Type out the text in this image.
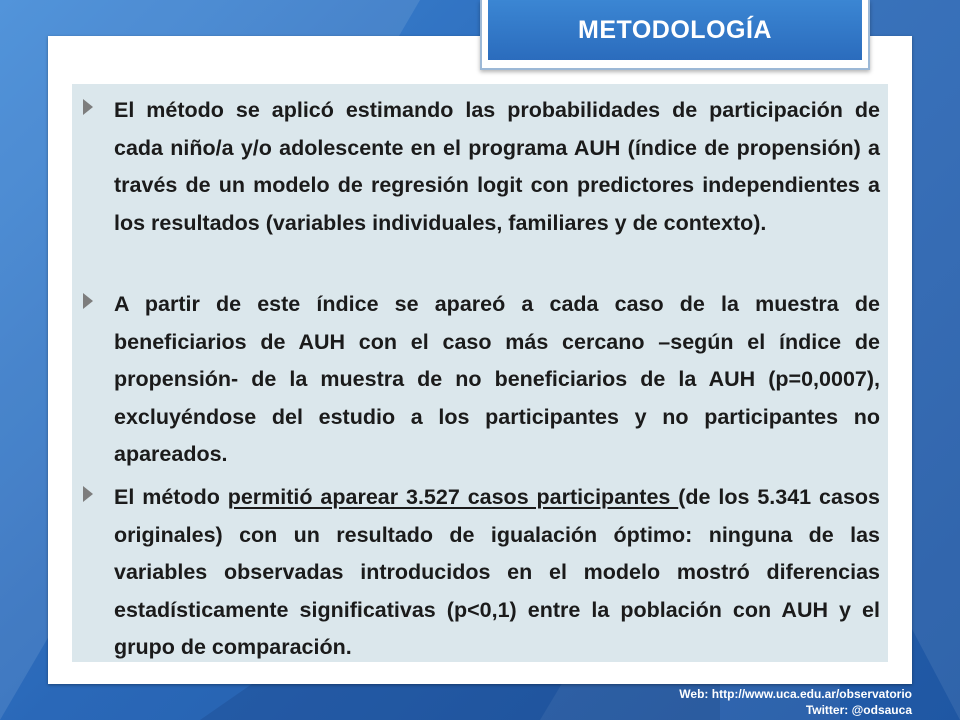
METODOLOGÍA
El método se aplicó estimando las probabilidades de participación de cada niño/a y/o adolescente en el programa AUH (índice de propensión) a través de un modelo de regresión logit con predictores independientes a los resultados (variables individuales, familiares y de contexto).
A partir de este índice se apareó a cada caso de la muestra de beneficiarios de AUH con el caso más cercano –según el índice de propensión- de la muestra de no beneficiarios de la AUH (p=0,0007), excluyéndose del estudio a los participantes y no participantes no apareados.
El método permitió aparear 3.527 casos participantes (de los 5.341 casos originales) con un resultado de igualación óptimo: ninguna de las variables observadas introducidos en el modelo mostró diferencias estadísticamente significativas (p<0,1) entre la población con AUH y el grupo de comparación.
Web: http://www.uca.edu.ar/observatorio
Twitter: @odsauca
